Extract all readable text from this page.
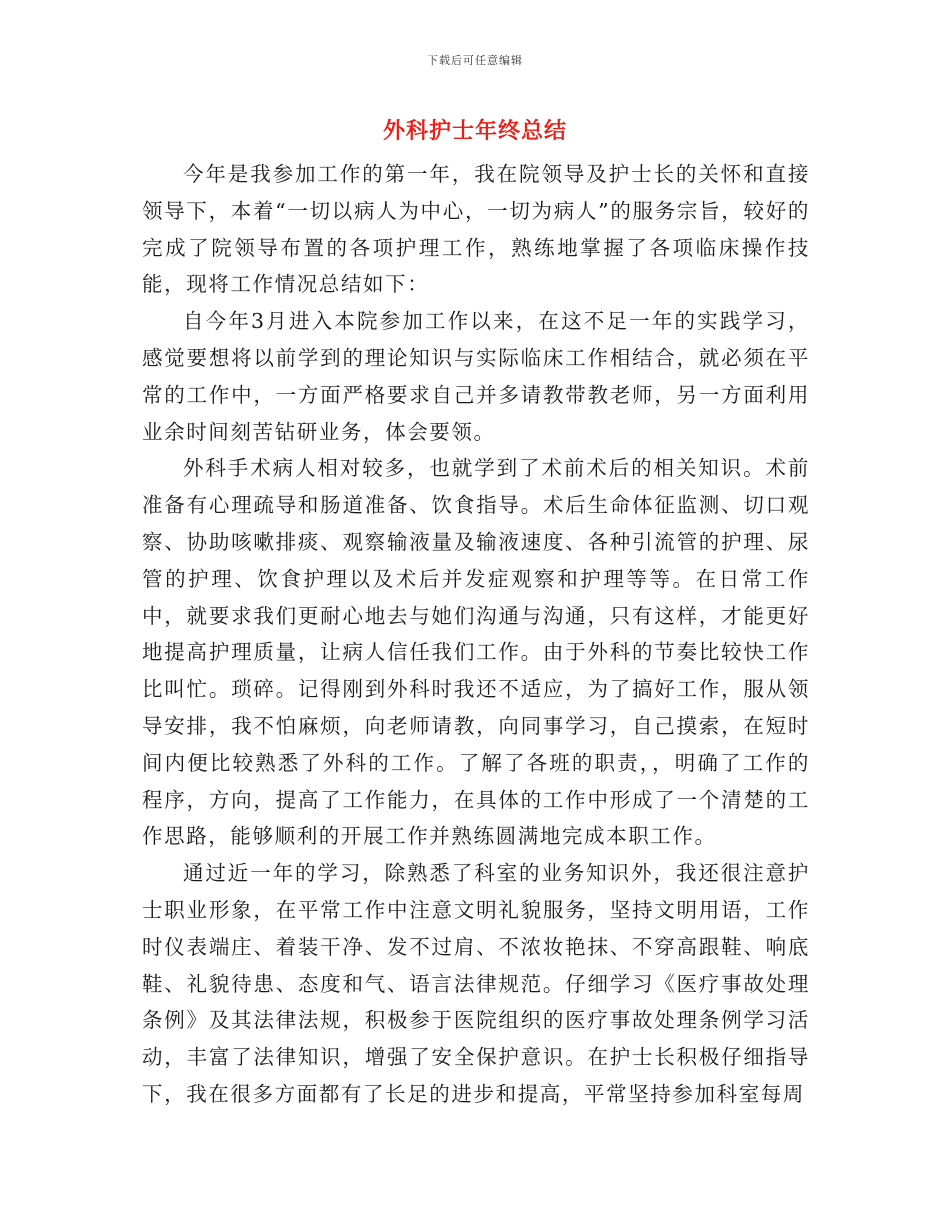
下载后可任意编辑
外科护士年终总结

今年是我参加工作的第一年，我在院领导及护士长的关怀和直接领导下，本着“一切以病人为中心，一切为病人”的服务宗旨，较好的完成了院领导布置的各项护理工作，熟练地掌握了各项临床操作技能，现将工作情况总结如下：

自今年3月进入本院参加工作以来，在这不足一年的实践学习，感觉要想将以前学到的理论知识与实际临床工作相结合，就必须在平常的工作中，一方面严格要求自己并多请教带教老师，另一方面利用业余时间刻苦钻研业务，体会要领。

外科手术病人相对较多，也就学到了术前术后的相关知识。术前准备有心理疏导和肠道准备、饮食指导。术后生命体征监测、切口观察、协助咳嗽排痰、观察输液量及输液速度、各种引流管的护理、尿管的护理、饮食护理以及术后并发症观察和护理等等。在日常工作中，就要求我们更耐心地去与她们沟通与沟通，只有这样，才能更好地提高护理质量，让病人信任我们工作。由于外科的节奏比较快工作比叫忙。琐碎。记得刚到外科时我还不适应，为了搞好工作，服从领导安排，我不怕麻烦，向老师请教，向同事学习，自己摸索，在短时间内便比较熟悉了外科的工作。了解了各班的职责，，明确了工作的程序，方向，提高了工作能力，在具体的工作中形成了一个清楚的工作思路，能够顺利的开展工作并熟练圆满地完成本职工作。

通过近一年的学习，除熟悉了科室的业务知识外，我还很注意护士职业形象，在平常工作中注意文明礼貌服务，坚持文明用语，工作时仪表端庄、着装干净、发不过肩、不浓妆艳抹、不穿高跟鞋、响底鞋、礼貌待患、态度和气、语言法律规范。仔细学习《医疗事故处理条例》及其法律法规，积极参于医院组织的医疗事故处理条例学习活动，丰富了法律知识，增强了安全保护意识。在护士长积极仔细指导下，我在很多方面都有了长足的进步和提高，平常坚持参加科室每周
